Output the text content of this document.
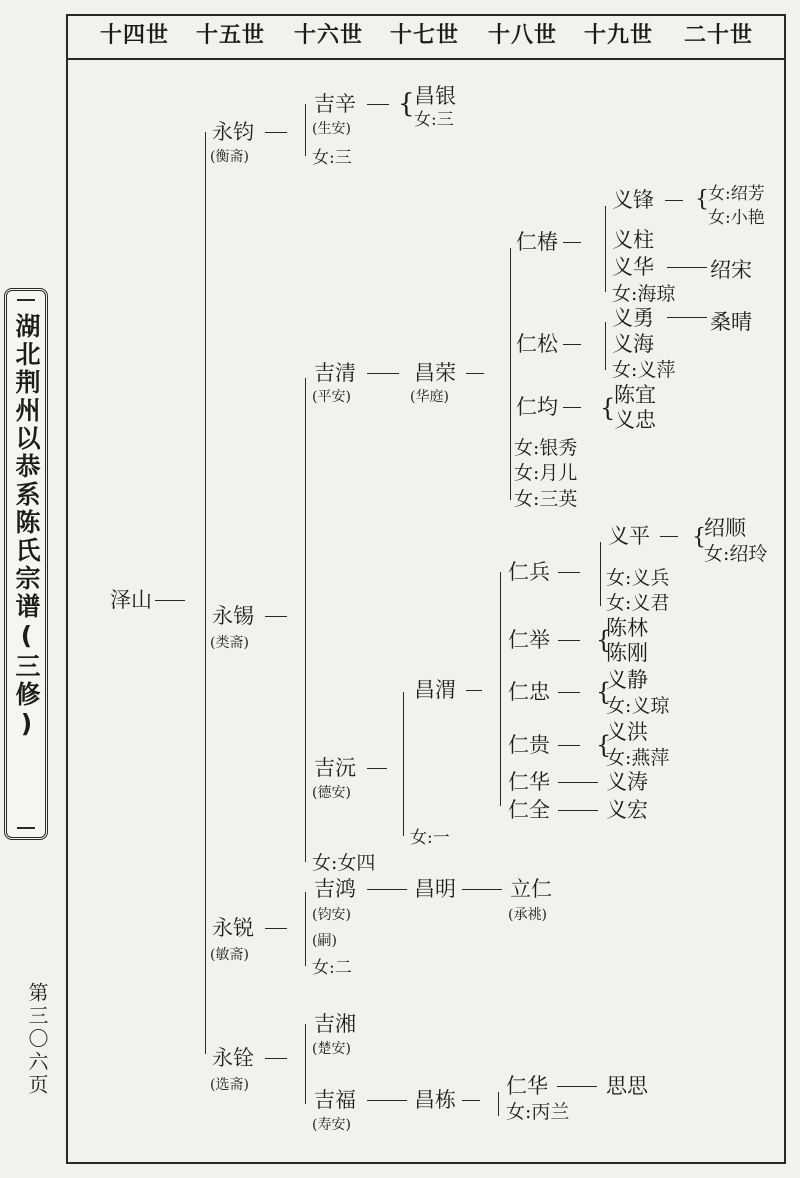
湖北荆州以恭系陈氏宗谱(三修)
第三〇六页
十四世 十五世 十六世 十七世 十八世 十九世 二十世
{
{
{
{
{
{
{
泽山
永钧
(衡斋)
吉辛
(生安)
昌银
女:三
女:三
永锡
(类斋)
吉清
(平安)
昌荣
(华庭)
仁椿
义锋	女:绍芳
女:小艳
义柱
义华	绍宋
女:海琼
仁松
义勇	桑晴
义海
女:义萍
仁均	陈宜
义忠
女:银秀
女:月儿
女:三英
吉沅
(德安)
昌渭
仁兵
义平	绍顺
女:绍玲
女:义兵
女:义君
仁举	陈林
陈刚
仁忠	义静
女:义琼
仁贵
义洪
女:燕萍
仁华	义涛
仁全	义宏
女:一
女:女四
永锐
(敏斋)
吉鸿
(钧安)
(嗣)
昌明	立仁
(承祧)
女:二
永铨
(选斋)
吉湘
(楚安)
吉福
(寿安)
昌栋
仁华	思思
女:丙兰
